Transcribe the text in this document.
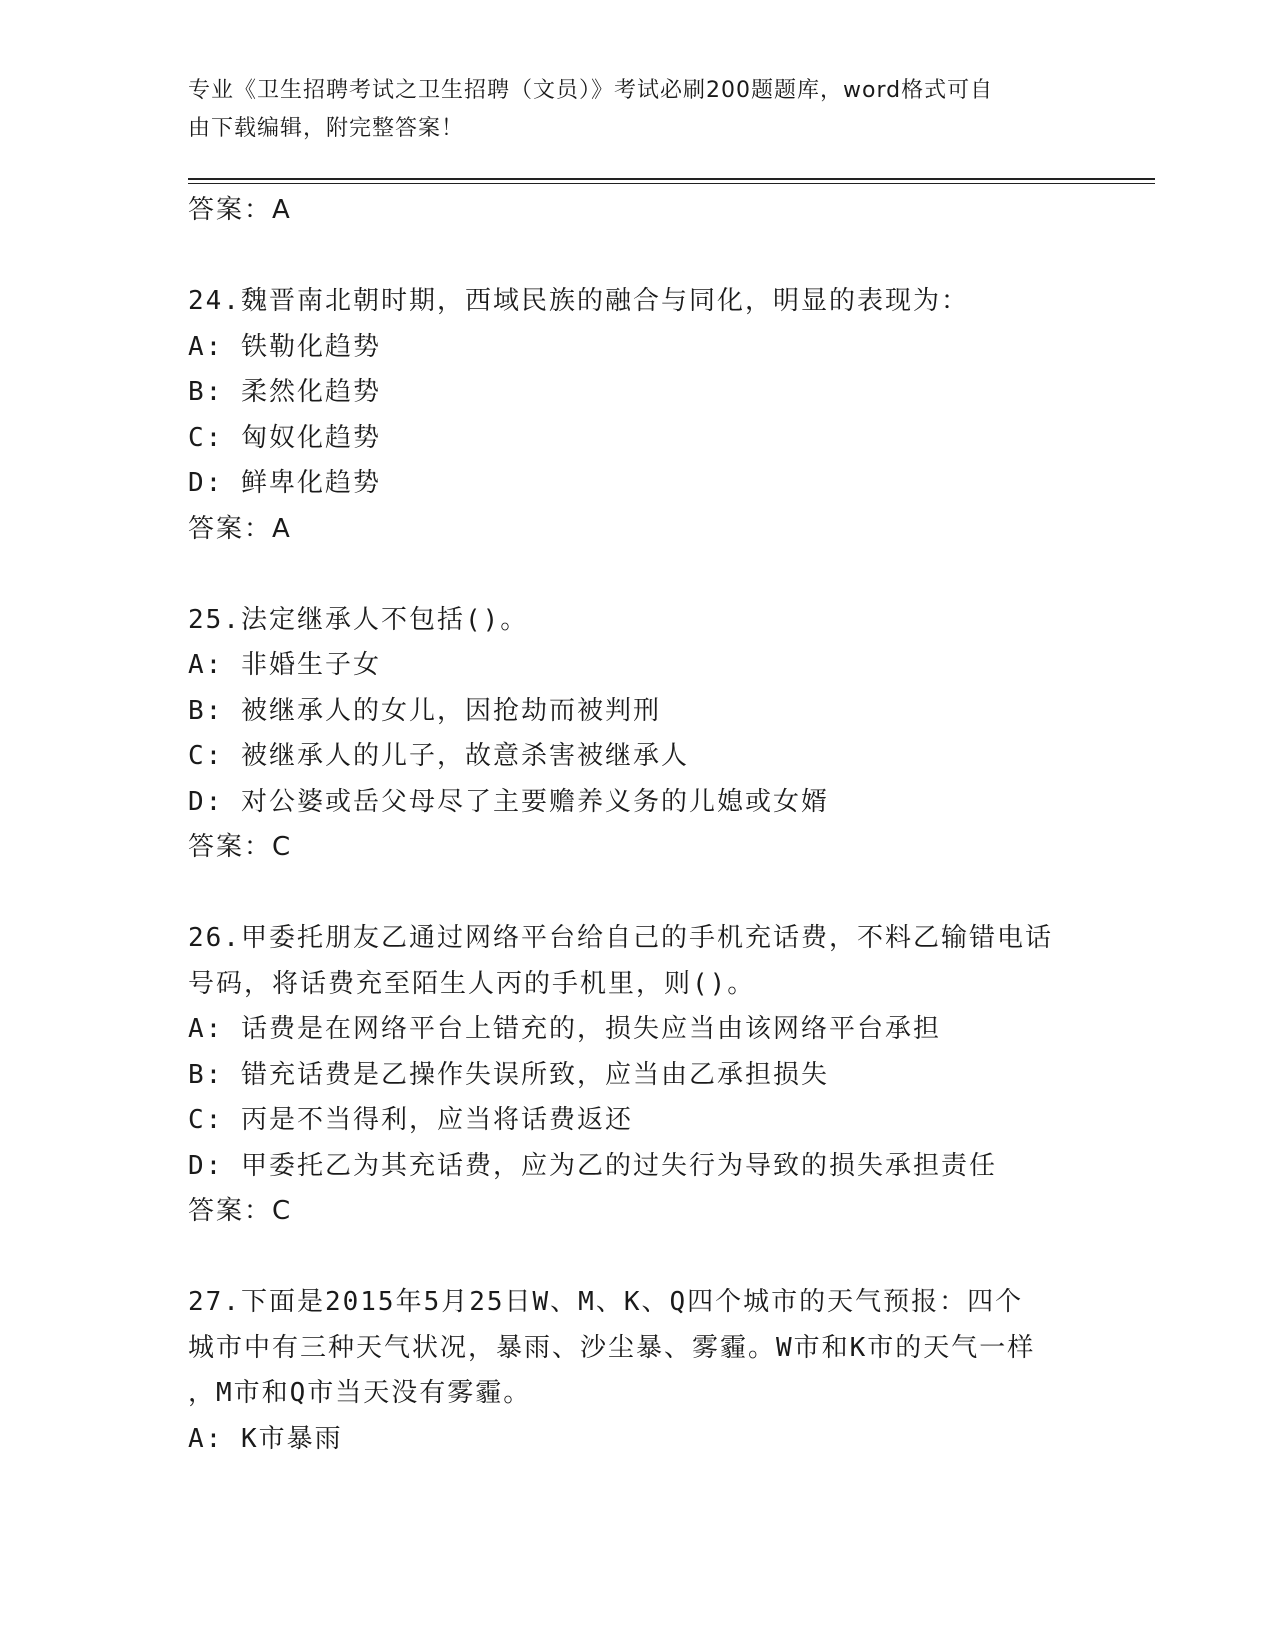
专业《卫生招聘考试之卫生招聘（文员）》考试必刷200题题库，word格式可自
由下载编辑，附完整答案！
答案：A
24.魏晋南北朝时期，西域民族的融合与同化，明显的表现为：
A: 铁勒化趋势
B: 柔然化趋势
C: 匈奴化趋势
D: 鲜卑化趋势
答案：A
25.法定继承人不包括()。
A: 非婚生子女
B: 被继承人的女儿，因抢劫而被判刑
C: 被继承人的儿子，故意杀害被继承人
D: 对公婆或岳父母尽了主要赡养义务的儿媳或女婿
答案：C
26.甲委托朋友乙通过网络平台给自己的手机充话费，不料乙输错电话
号码，将话费充至陌生人丙的手机里，则()。
A: 话费是在网络平台上错充的，损失应当由该网络平台承担
B: 错充话费是乙操作失误所致，应当由乙承担损失
C: 丙是不当得利，应当将话费返还
D: 甲委托乙为其充话费，应为乙的过失行为导致的损失承担责任
答案：C
27.下面是2015年5月25日W、M、K、Q四个城市的天气预报：四个
城市中有三种天气状况，暴雨、沙尘暴、雾霾。W市和K市的天气一样
，M市和Q市当天没有雾霾。
A: K市暴雨
